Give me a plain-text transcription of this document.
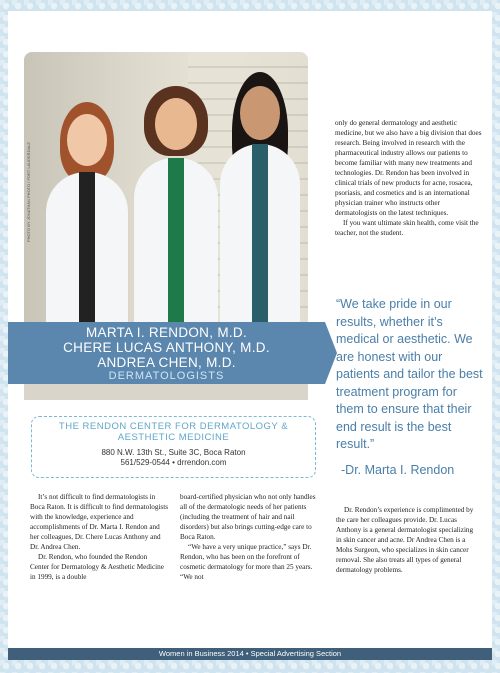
PHOTO BY JONATHAN PHOTO / FORT LAUDERDALE
MARTA I. RENDON, M.D.
CHERE LUCAS ANTHONY, M.D.
ANDREA CHEN, M.D.
DERMATOLOGISTS
THE RENDON CENTER FOR DERMATOLOGY &
AESTHETIC MEDICINE
880 N.W. 13th St., Suite 3C, Boca Raton
561/529-0544 • drrendon.com

only do general dermatology and aesthetic medicine, but we also have a big division that does research. Being involved in research with the pharmaceutical industry allows our patients to become familiar with many new treatments and technologies. Dr. Rendon has been involved in clinical trials of new products for acne, rosacea, psoriasis, and cosmetics and is an international physician trainer who instructs other dermatologists on the latest techniques.

If you want ultimate skin health, come visit the teacher, not the student.

“We take pride in our results, whether it’s medical or aesthetic. We are honest with our patients and tailor the best treatment program for them to ensure that their end result is the best result.”
-Dr. Marta I. Rendon

It’s not difficult to find dermatologists in Boca Raton. It is difficult to find dermatologists with the knowledge, experience and accomplishments of Dr. Marta I. Rendon and her colleagues, Dr. Chere Lucas Anthony and Dr. Andrea Chen.

Dr. Rendon, who founded the Rendon Center for Dermatology & Aesthetic Medicine in 1999, is a double

board-certified physician who not only handles all of the dermatologic needs of her patients (including the treatment of hair and nail disorders) but also brings cutting-edge care to Boca Raton.

“We have a very unique practice,” says Dr. Rendon, who has been on the forefront of cosmetic dermatology for more than 25 years. “We not

Dr. Rendon’s experience is complimented by the care her colleagues provide. Dr. Lucas Anthony is a general dermatologist specializing in skin cancer and acne. Dr Andrea Chen is a Mohs Surgeon, who specializes in skin cancer removal. She also treats all types of general dermatology problems.

Women in Business 2014 • Special Advertising Section
